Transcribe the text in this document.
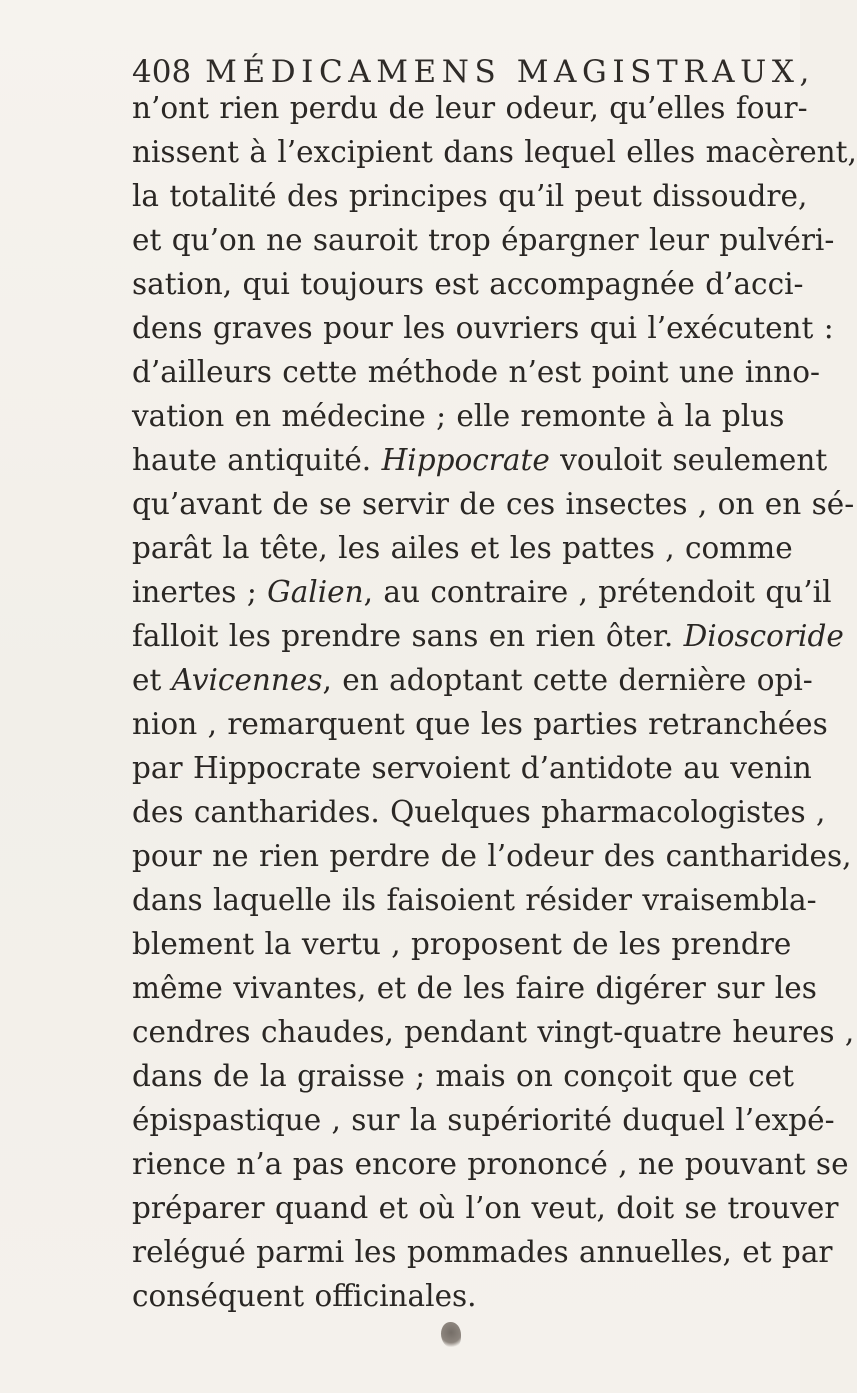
408 MÉDICAMENS MAGISTRAUX,
n’ont rien perdu de leur odeur, qu’elles four-
nissent à l’excipient dans lequel elles macèrent,
la totalité des principes qu’il peut dissoudre,
et qu’on ne sauroit trop épargner leur pulvéri-
sation, qui toujours est accompagnée d’acci-
dens graves pour les ouvriers qui l’exécutent :
d’ailleurs cette méthode n’est point une inno-
vation en médecine ; elle remonte à la plus
haute antiquité. Hippocrate vouloit seulement
qu’avant de se servir de ces insectes , on en sé-
parât la tête, les ailes et les pattes , comme
inertes ; Galien, au contraire , prétendoit qu’il
falloit les prendre sans en rien ôter. Dioscoride
et Avicennes, en adoptant cette dernière opi-
nion , remarquent que les parties retranchées
par Hippocrate servoient d’antidote au venin
des cantharides. Quelques pharmacologistes ,
pour ne rien perdre de l’odeur des cantharides,
dans laquelle ils faisoient résider vraisembla-
blement la vertu , proposent de les prendre
même vivantes, et de les faire digérer sur les
cendres chaudes, pendant vingt-quatre heures ,
dans de la graisse ; mais on conçoit que cet
épispastique , sur la supériorité duquel l’expé-
rience n’a pas encore prononcé , ne pouvant se
préparer quand et où l’on veut, doit se trouver
relégué parmi les pommades annuelles, et par
conséquent officinales.
